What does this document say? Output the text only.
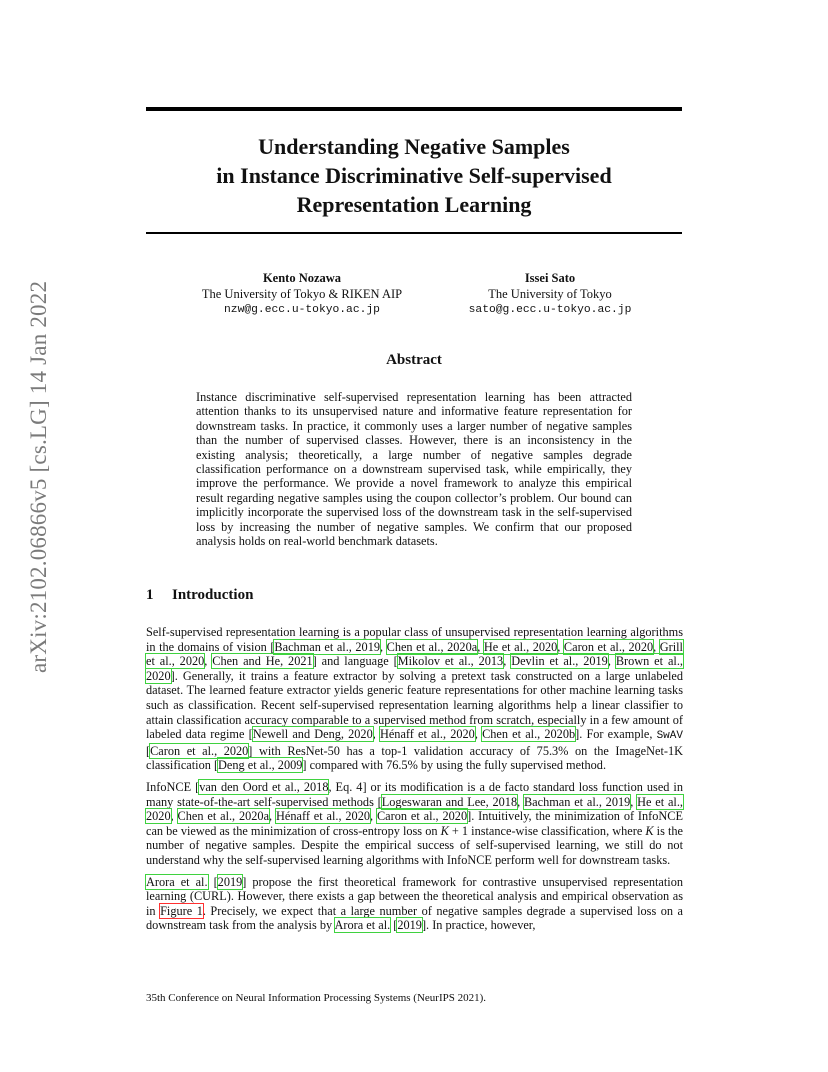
arXiv:2102.06866v5 [cs.LG] 14 Jan 2022
Understanding Negative Samples
in Instance Discriminative Self-supervised
Representation Learning
Kento Nozawa
The University of Tokyo & RIKEN AIP
nzw@g.ecc.u-tokyo.ac.jp
Issei Sato
The University of Tokyo
sato@g.ecc.u-tokyo.ac.jp
Abstract

Instance discriminative self-supervised representation learning has been attracted attention thanks to its unsupervised nature and informative feature representation for downstream tasks. In practice, it commonly uses a larger number of negative samples than the number of supervised classes. However, there is an inconsistency in the existing analysis; theoretically, a large number of negative samples degrade classification performance on a downstream supervised task, while empirically, they improve the performance. We provide a novel framework to analyze this empirical result regarding negative samples using the coupon collector’s problem. Our bound can implicitly incorporate the supervised loss of the downstream task in the self-supervised loss by increasing the number of negative samples. We confirm that our proposed analysis holds on real-world benchmark datasets.

1 Introduction

Self-supervised representation learning is a popular class of unsupervised representation learning algorithms in the domains of vision [Bachman et al., 2019, Chen et al., 2020a, He et al., 2020, Caron et al., 2020, Grill et al., 2020, Chen and He, 2021] and language [Mikolov et al., 2013, Devlin et al., 2019, Brown et al., 2020]. Generally, it trains a feature extractor by solving a pretext task constructed on a large unlabeled dataset. The learned feature extractor yields generic feature representations for other machine learning tasks such as classification. Recent self-supervised representation learning algorithms help a linear classifier to attain classification accuracy comparable to a supervised method from scratch, especially in a few amount of labeled data regime [Newell and Deng, 2020, Hénaff et al., 2020, Chen et al., 2020b]. For example, SwAV [Caron et al., 2020] with ResNet-50 has a top-1 validation accuracy of 75.3% on the ImageNet-1K classification [Deng et al., 2009] compared with 76.5% by using the fully supervised method.

InfoNCE [van den Oord et al., 2018, Eq. 4] or its modification is a de facto standard loss function used in many state-of-the-art self-supervised methods [Logeswaran and Lee, 2018, Bachman et al., 2019, He et al., 2020, Chen et al., 2020a, Hénaff et al., 2020, Caron et al., 2020]. Intuitively, the minimization of InfoNCE can be viewed as the minimization of cross-entropy loss on K + 1 instance-wise classification, where K is the number of negative samples. Despite the empirical success of self-supervised learning, we still do not understand why the self-supervised learning algorithms with InfoNCE perform well for downstream tasks.

Arora et al. [2019] propose the first theoretical framework for contrastive unsupervised representation learning (CURL). However, there exists a gap between the theoretical analysis and empirical observation as in Figure 1. Precisely, we expect that a large number of negative samples degrade a supervised loss on a downstream task from the analysis by Arora et al. [2019]. In practice, however,

35th Conference on Neural Information Processing Systems (NeurIPS 2021).
